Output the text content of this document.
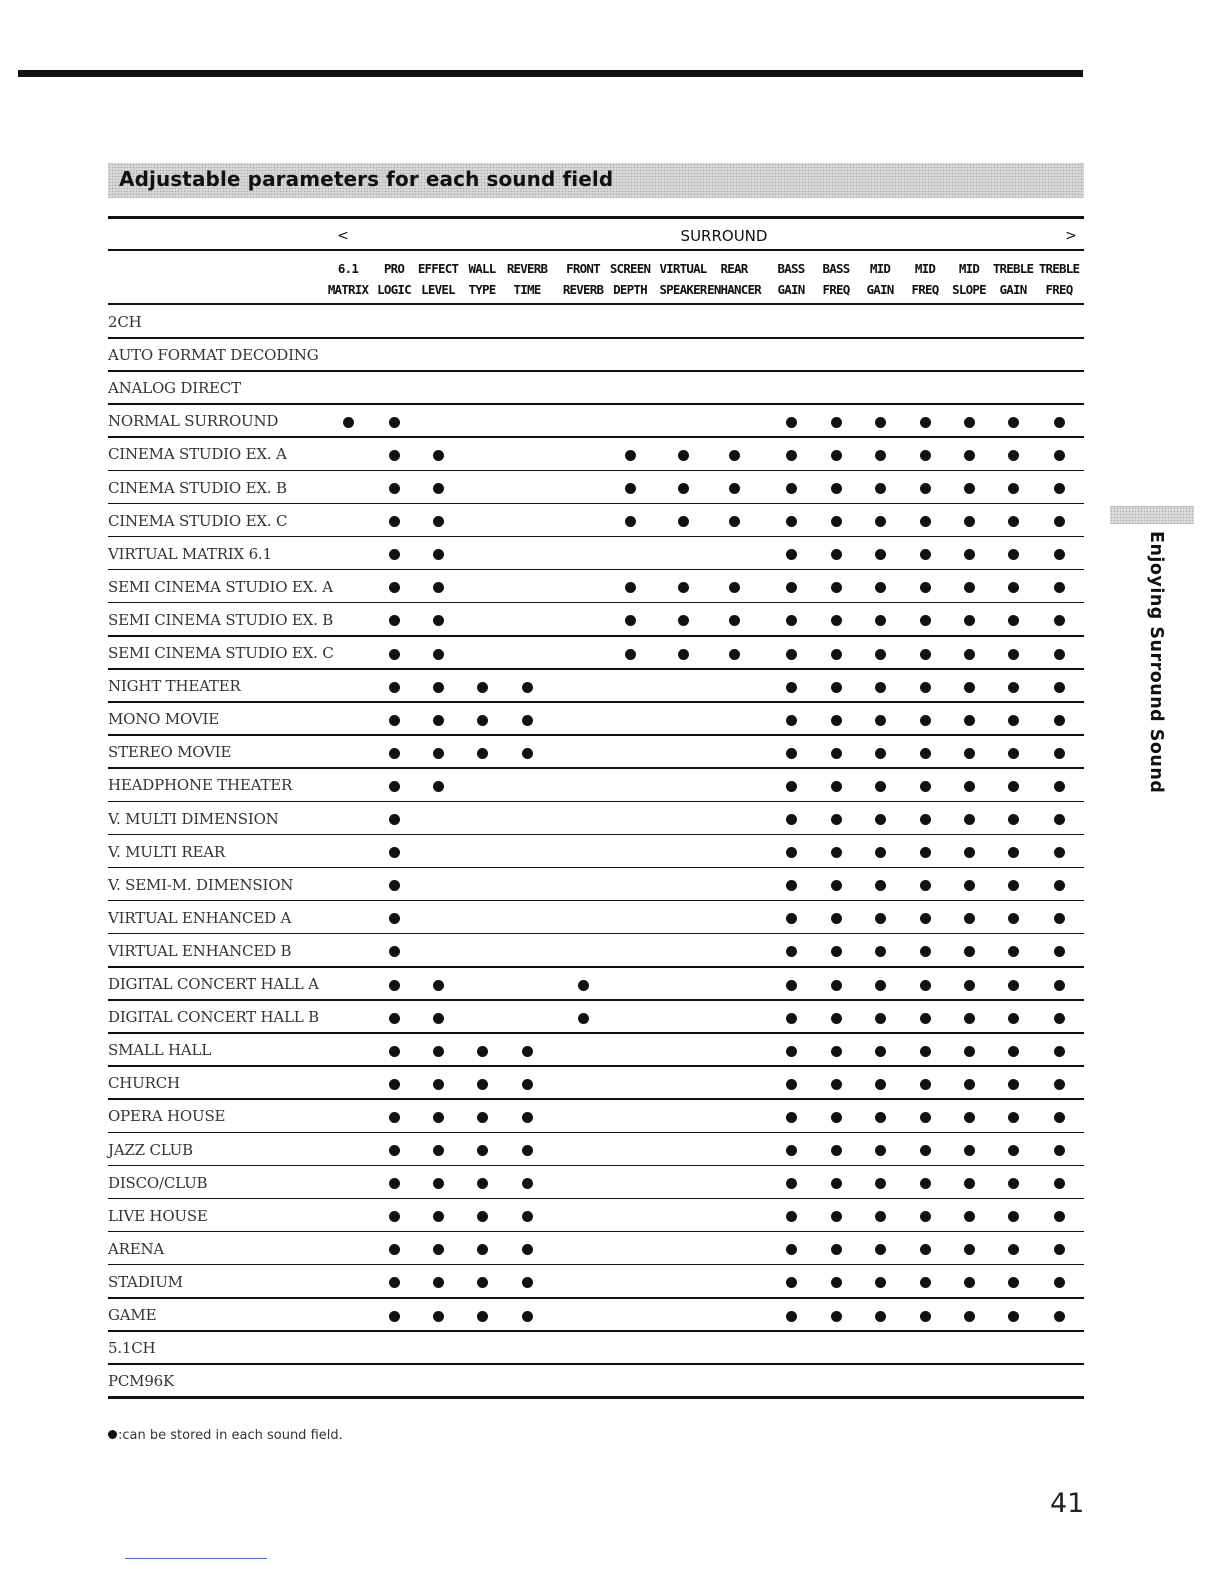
Adjustable parameters for each sound field
<	SURROUND	>
6.1
MATRIX
PRO
LOGIC
EFFECT
LEVEL
WALL
TYPE
REVERB
TIME
FRONT
REVERB
SCREEN
DEPTH
VIRTUAL
SPEAKER
REAR
ENHANCER
BASS
GAIN
BASS
FREQ
MID
GAIN
MID
FREQ
MID
SLOPE
TREBLE
GAIN
TREBLE
FREQ
2CH
AUTO FORMAT DECODING
ANALOG DIRECT
NORMAL SURROUND
CINEMA STUDIO EX. A
CINEMA STUDIO EX. B
CINEMA STUDIO EX. C
VIRTUAL MATRIX 6.1
SEMI CINEMA STUDIO EX. A
SEMI CINEMA STUDIO EX. B
SEMI CINEMA STUDIO EX. C
NIGHT THEATER
MONO MOVIE
STEREO MOVIE
HEADPHONE THEATER
V. MULTI DIMENSION
V. MULTI REAR
V. SEMI-M. DIMENSION
VIRTUAL ENHANCED A
VIRTUAL ENHANCED B
DIGITAL CONCERT HALL A
DIGITAL CONCERT HALL B
SMALL HALL
CHURCH
OPERA HOUSE
JAZZ CLUB
DISCO/CLUB
LIVE HOUSE
ARENA
STADIUM
GAME
5.1CH
PCM96K
:can be stored in each sound field.
41
Enjoying Surround Sound
